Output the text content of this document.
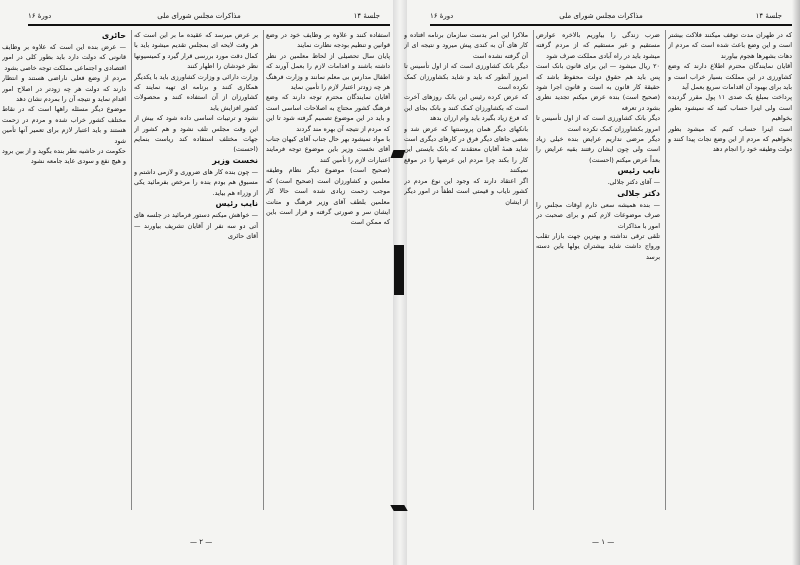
جلسهٔ ۱۴
مذاکرات مجلس شورای ملی
دورهٔ ۱۶

استفاده کنند و علاوه بر وظایف خود در وضع قوانین و تنظیم بودجه نظارت نمایند

پایان سال تحصیلی از لحاظ معلمین در نظر داشته باشند و اقدامات لازم را بعمل آورند که اطفال مدارس بی معلم نمانند و وزارت فرهنگ هر چه زودتر اعتبار لازم را تأمین نماید

آقایان نمایندگان محترم توجه دارند که وضع فرهنگ کشور محتاج به اصلاحات اساسی است و باید در این موضوع تصمیم گرفته شود تا این که مردم از نتیجه آن بهره مند گردند

با مواد نمیشود بهر حال جناب آقای کیهان جناب آقای نخست وزیر باین موضوع توجه فرمایند اعتبارات لازم را تأمین کنند

(صحیح است) موضوع دیگر نظام وظیفه معلمین و کشاورزان است (صحیح است) که موجب زحمت زیادی شده است حالا کار معلمین بلطف آقای وزیر فرهنگ و متانت ایشان سر و صورتی گرفته و قرار است باین که ممکن است

بر عرض میرسد که عقیده ما بر این است که هر وقت لایحه ای بمجلس تقدیم میشود باید با کمال دقت مورد بررسی قرار گیرد و کمیسیونها نظر خودشان را اظهار کنند

وزارت دارائی و وزارت کشاورزی باید با یکدیگر همکاری کنند و برنامه ای تهیه نمایند که کشاورزان از آن استفاده کنند و محصولات کشور افزایش یابد

نشود و ترتیبات اساسی داده شود که بیش از این وقت مجلس تلف نشود و هم کشور از جهات مختلف استفاده کند ریاست بنمایم (احسنت)

نخست وزیر

— چون بنده کار های ضروری و لازمی داشتم و مسبوق هم بودم بنده را مرخص بفرمائید یکی از وزراء هم بیاید.

نایب رئیس

— خواهش میکنم دستور فرمائید در جلسه های آتی دو سه نفر از آقایان تشریف بیاورند — آقای حائری

حائری

— عرض بنده این است که علاوه بر وظایف قانونی که دولت دارد باید بطور کلی در امور اقتصادی و اجتماعی مملکت توجه خاصی بشود

مردم از وضع فعلی ناراضی هستند و انتظار دارند که دولت هر چه زودتر در اصلاح امور اقدام نماید و نتیجه آن را بمردم نشان دهد

موضوع دیگر مسئله راهها است که در نقاط مختلف کشور خراب شده و مردم در زحمت هستند و باید اعتبار لازم برای تعمیر آنها تأمین شود

حکومت در حاشیه نظر بنده بگوید و از بین برود و هیچ نفع و سودی عاید جامعه نشود

— ۲ —
جلسهٔ ۱۴
مذاکرات مجلس شورای ملی
دورهٔ ۱۶

که در طهران مدت توقف میکنند فلاکت بیشتر است و این وضع باعث شده است که مردم از دهات بشهرها هجوم بیاورند

آقایان نمایندگان محترم اطلاع دارند که وضع کشاورزی در این مملکت بسیار خراب است و باید برای بهبود آن اقدامات سریع بعمل آید

پرداخت بمبلغ یک صدی ۱۱ پول مقرر گردیده است ولی اینرا حساب کنید که نمیشود بطور بخواهیم

است اینرا حساب کنیم که میشود بطور بخواهیم که مردم از این وضع نجات پیدا کنند و دولت وظیفه خود را انجام دهد

ضرب زندگی را بیاوریم بالاخره عوارض مستقیم و غیر مستقیم که از مردم گرفته میشود باید در راه آبادی مملکت صرف شود

۲۰ ریال میشود — این برای قانون بانک است پس باید هم حقوق دولت محفوظ باشد که حقیقة کار قانون به است و قانون اجرا شود (صحیح است) بنده عرض میکنم تجدید نظری بشود در تعرفه

دیگر بانک کشاورزی است که از اول تأسیس تا امروز بکشاورزان کمک نکرده است

دیگر مرضی نداریم عرایض بنده خیلی زیاد است ولی چون ایشان رفتند بقیه عرایض را بعداً عرض میکنم (احسنت)

نایب رئیس

— آقای دکتر جلالی.

دکتر جلالی

— بنده همیشه سعی دارم اوقات مجلس را صرف موضوعات لازم کنم و برای صحبت در امور با مذاکرات

تلقی ترقی نداشته و بهترین جهت بازار تقلب ورواج داشت شاید بیشتران یولها باین دسته برسد

ملاکرا این امر بدست سازمان برنامه افتاده و کار های آن به کندی پیش میرود و نتیجه ای از آن گرفته نشده است

دیگر بانک کشاورزی است که از اول تأسیس تا امروز آنطور که باید و شاید بکشاورزان کمک نکرده است

که عرض کرده رئیس این بانک روزهای آخرت است که بکشاورزان کمک کنند و بانک بجای این که فرع زیاد بگیرد باید وام ارزان بدهد

بانکهای دیگر همان پروسنتها که عرض شد و بعضی جاهای دیگر فرق در کارهای دیگری است شاید همهٔ آقایان معتقدند که بانک بایستی این کار را بکند چرا مردم این عرضها را در موقع نمیکنند

اگر اعتقاد دارند که وجود این نوع مردم در کشور نایاب و قیمتی است لطفاً در امور دیگر از ایشان

— ۱ —
